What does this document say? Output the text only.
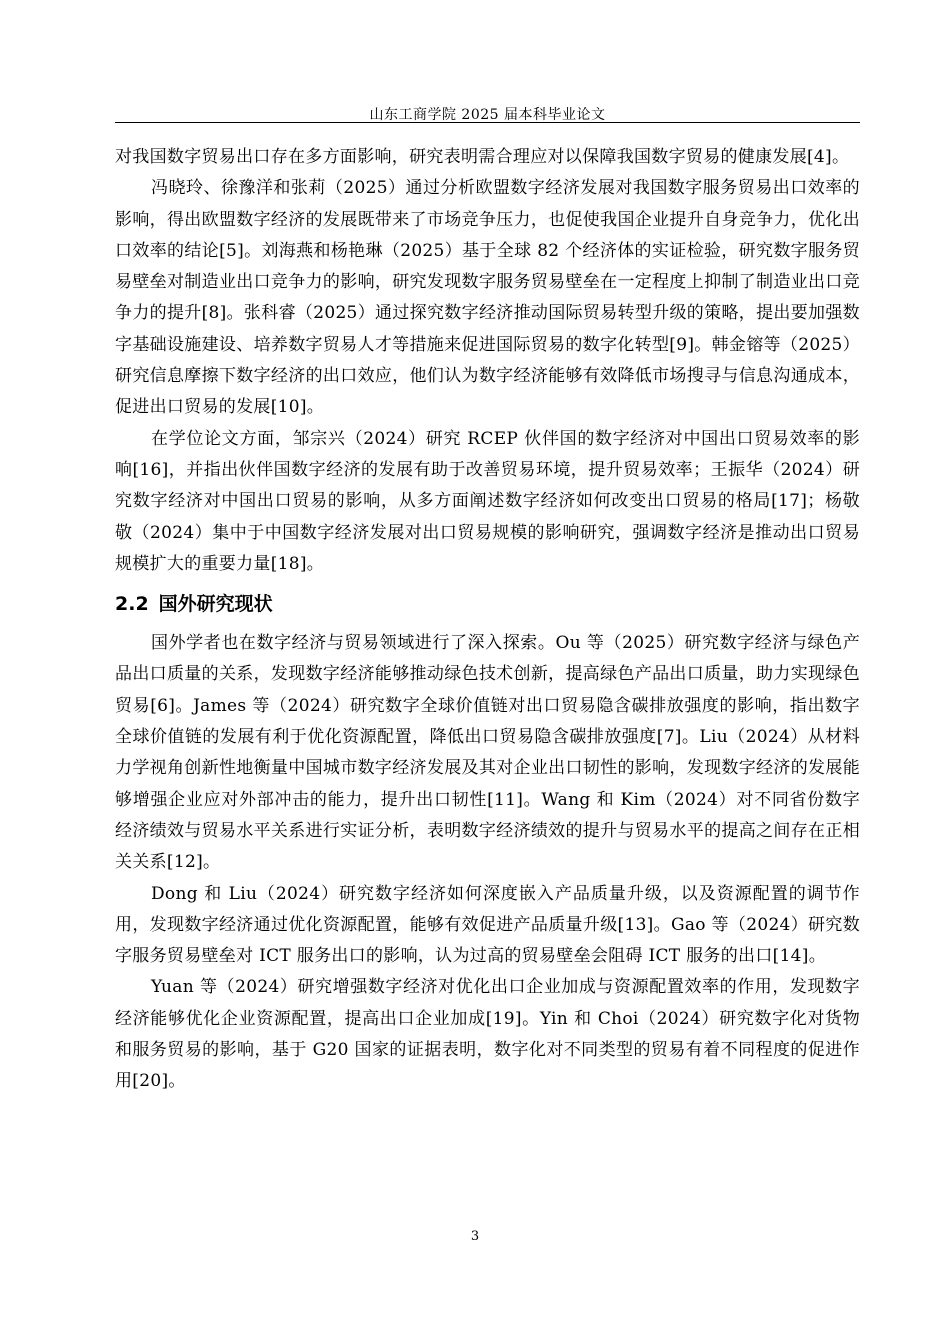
山东工商学院 2025 届本科毕业论文

对我国数字贸易出口存在多方面影响，研究表明需合理应对以保障我国数字贸易的健康发展[4]。

冯晓玲、徐豫洋和张莉（2025）通过分析欧盟数字经济发展对我国数字服务贸易出口效率的影响，得出欧盟数字经济的发展既带来了市场竞争压力，也促使我国企业提升自身竞争力，优化出口效率的结论[5]。刘海燕和杨艳琳（2025）基于全球 82 个经济体的实证检验，研究数字服务贸易壁垒对制造业出口竞争力的影响，研究发现数字服务贸易壁垒在一定程度上抑制了制造业出口竞争力的提升[8]。张科睿（2025）通过探究数字经济推动国际贸易转型升级的策略，提出要加强数字基础设施建设、培养数字贸易人才等措施来促进国际贸易的数字化转型[9]。韩金镕等（2025）研究信息摩擦下数字经济的出口效应，他们认为数字经济能够有效降低市场搜寻与信息沟通成本，促进出口贸易的发展[10]。

在学位论文方面，邹宗兴（2024）研究 RCEP 伙伴国的数字经济对中国出口贸易效率的影响[16]，并指出伙伴国数字经济的发展有助于改善贸易环境，提升贸易效率；王振华（2024）研究数字经济对中国出口贸易的影响，从多方面阐述数字经济如何改变出口贸易的格局[17]；杨敬敬（2024）集中于中国数字经济发展对出口贸易规模的影响研究，强调数字经济是推动出口贸易规模扩大的重要力量[18]。

2.2 国外研究现状

国外学者也在数字经济与贸易领域进行了深入探索。Ou 等（2025）研究数字经济与绿色产品出口质量的关系，发现数字经济能够推动绿色技术创新，提高绿色产品出口质量，助力实现绿色贸易[6]。James 等（2024）研究数字全球价值链对出口贸易隐含碳排放强度的影响，指出数字全球价值链的发展有利于优化资源配置，降低出口贸易隐含碳排放强度[7]。Liu（2024）从材料力学视角创新性地衡量中国城市数字经济发展及其对企业出口韧性的影响，发现数字经济的发展能够增强企业应对外部冲击的能力，提升出口韧性[11]。Wang 和 Kim（2024）对不同省份数字经济绩效与贸易水平关系进行实证分析，表明数字经济绩效的提升与贸易水平的提高之间存在正相关关系[12]。

Dong 和 Liu（2024）研究数字经济如何深度嵌入产品质量升级，以及资源配置的调节作用，发现数字经济通过优化资源配置，能够有效促进产品质量升级[13]。Gao 等（2024）研究数字服务贸易壁垒对 ICT 服务出口的影响，认为过高的贸易壁垒会阻碍 ICT 服务的出口[14]。

Yuan 等（2024）研究增强数字经济对优化出口企业加成与资源配置效率的作用，发现数字经济能够优化企业资源配置，提高出口企业加成[19]。Yin 和 Choi（2024）研究数字化对货物和服务贸易的影响，基于 G20 国家的证据表明，数字化对不同类型的贸易有着不同程度的促进作用[20]。

3
